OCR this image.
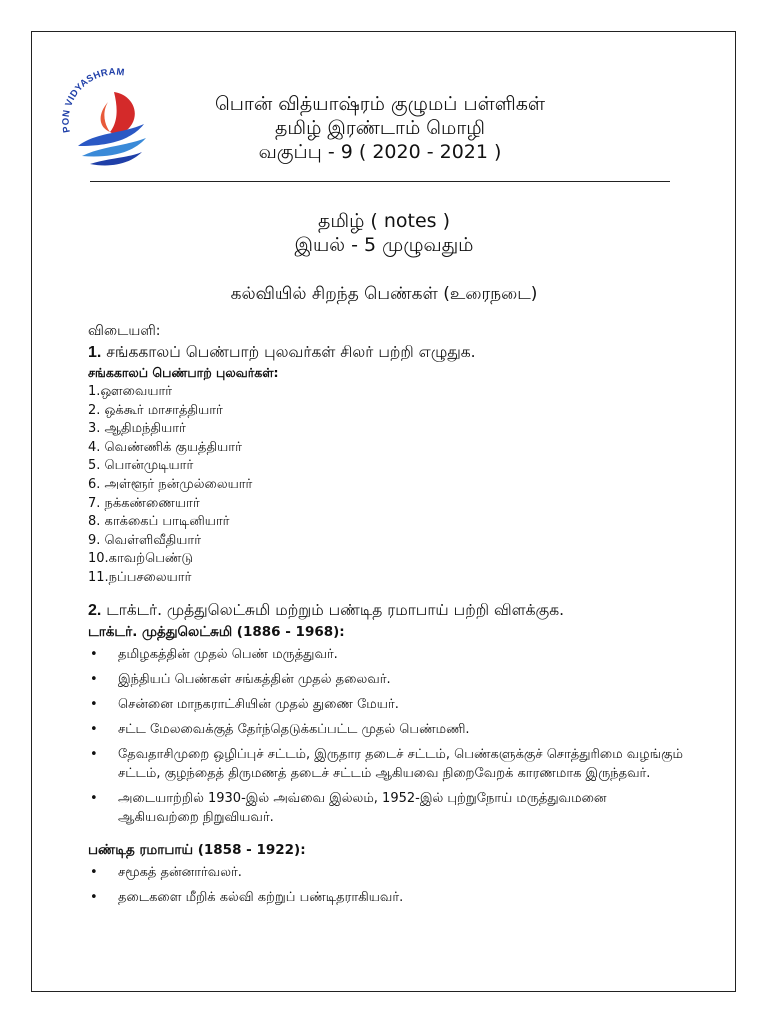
PON VIDYASHRAM
பொன் வித்யாஷ்ரம் குழுமப் பள்ளிகள்
தமிழ் இரண்டாம் மொழி
வகுப்பு - 9 ( 2020 - 2021 )
தமிழ் ( notes )
இயல் - 5 முழுவதும்
கல்வியில் சிறந்த பெண்கள் (உரைநடை)
விடையளி:
1. சங்ககாலப் பெண்பாற் புலவர்கள் சிலர் பற்றி எழுதுக.
சங்ககாலப் பெண்பாற் புலவர்கள்:
1.ஔவையார்
2. ஒக்கூர் மாசாத்தியார்
3. ஆதிமந்தியார்
4. வெண்ணிக் குயத்தியார்
5. பொன்முடியார்
6. அள்ளூர் நன்முல்லையார்
7. நக்கண்ணையார்
8. காக்கைப் பாடினியார்
9. வெள்ளிவீதியார்
10.காவற்பெண்டு
11.நப்பசலையார்
2. டாக்டர். முத்துலெட்சுமி மற்றும் பண்டித ரமாபாய் பற்றி விளக்குக.
டாக்டர். முத்துலெட்சுமி (1886 - 1968):
• தமிழகத்தின் முதல் பெண் மருத்துவர்.
• இந்தியப் பெண்கள் சங்கத்தின் முதல் தலைவர்.
• சென்னை மாநகராட்சியின் முதல் துணை மேயர்.
• சட்ட மேலவைக்குத் தேர்ந்தெடுக்கப்பட்ட முதல் பெண்மணி.
• தேவதாசிமுறை ஒழிப்புச் சட்டம், இருதார தடைச் சட்டம், பெண்களுக்குச் சொத்துரிமை வழங்கும் சட்டம், குழந்தைத் திருமணத் தடைச் சட்டம் ஆகியவை நிறைவேறக் காரணமாக இருந்தவர்.
• அடையாற்றில் 1930-இல் அவ்வை இல்லம், 1952-இல் புற்றுநோய் மருத்துவமனை ஆகியவற்றை நிறுவியவர்.
பண்டித ரமாபாய் (1858 - 1922):
• சமூகத் தன்னார்வலர்.
• தடைகளை மீறிக் கல்வி கற்றுப் பண்டிதராகியவர்.
